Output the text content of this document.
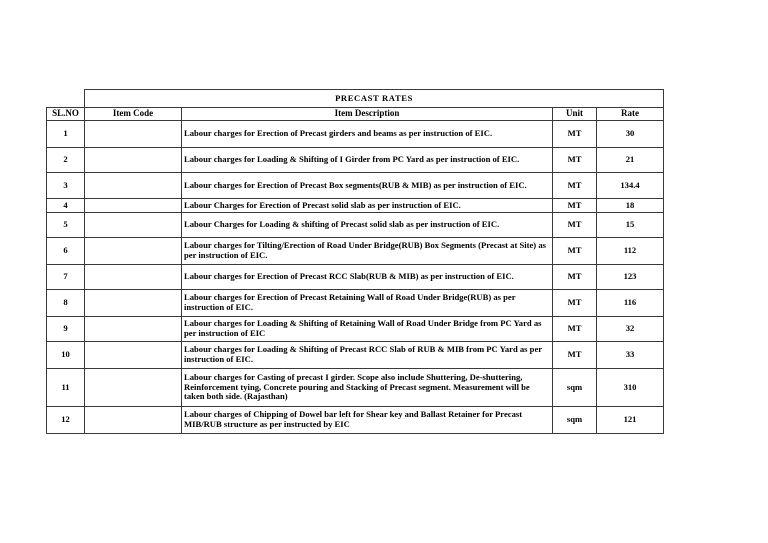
	PRECAST RATES			
SL.NO	Item Code	Item Description	Unit	Rate
1		Labour charges for Erection of Precast girders and beams as per instruction of EIC.	MT	30
2		Labour charges for Loading & Shifting of I Girder from PC Yard as per instruction of EIC.	MT	21
3		Labour charges for Erection of Precast Box segments(RUB & MIB) as per instruction of EIC.	MT	134.4
4		Labour Charges for Erection of Precast solid slab as per instruction of EIC.	MT	18
5		Labour Charges for Loading & shifting of Precast solid slab as per instruction of EIC.	MT	15
6		Labour charges for Tilting/Erection of Road Under Bridge(RUB) Box Segments (Precast at Site) as per instruction of EIC.	MT	112
7		Labour charges for Erection of Precast RCC Slab(RUB & MIB) as per instruction of EIC.	MT	123
8		Labour charges for Erection of Precast Retaining Wall of Road Under Bridge(RUB) as per instruction of EIC.	MT	116
9		Labour charges for Loading & Shifting of Retaining Wall of Road Under Bridge from PC Yard as per instruction of EIC	MT	32
10		Labour charges for Loading & Shifting of Precast RCC Slab of RUB & MIB from PC Yard as per instruction of EIC.	MT	33
11		Labour charges for Casting of precast I girder. Scope also include Shuttering, De-shuttering, Reinforcement tying, Concrete pouring and Stacking of Precast segment. Measurement will be taken both side. (Rajasthan)	sqm	310
12		Labour charges of Chipping of Dowel bar left for Shear key and Ballast Retainer for Precast MIB/RUB structure as per instructed by EIC	sqm	121
